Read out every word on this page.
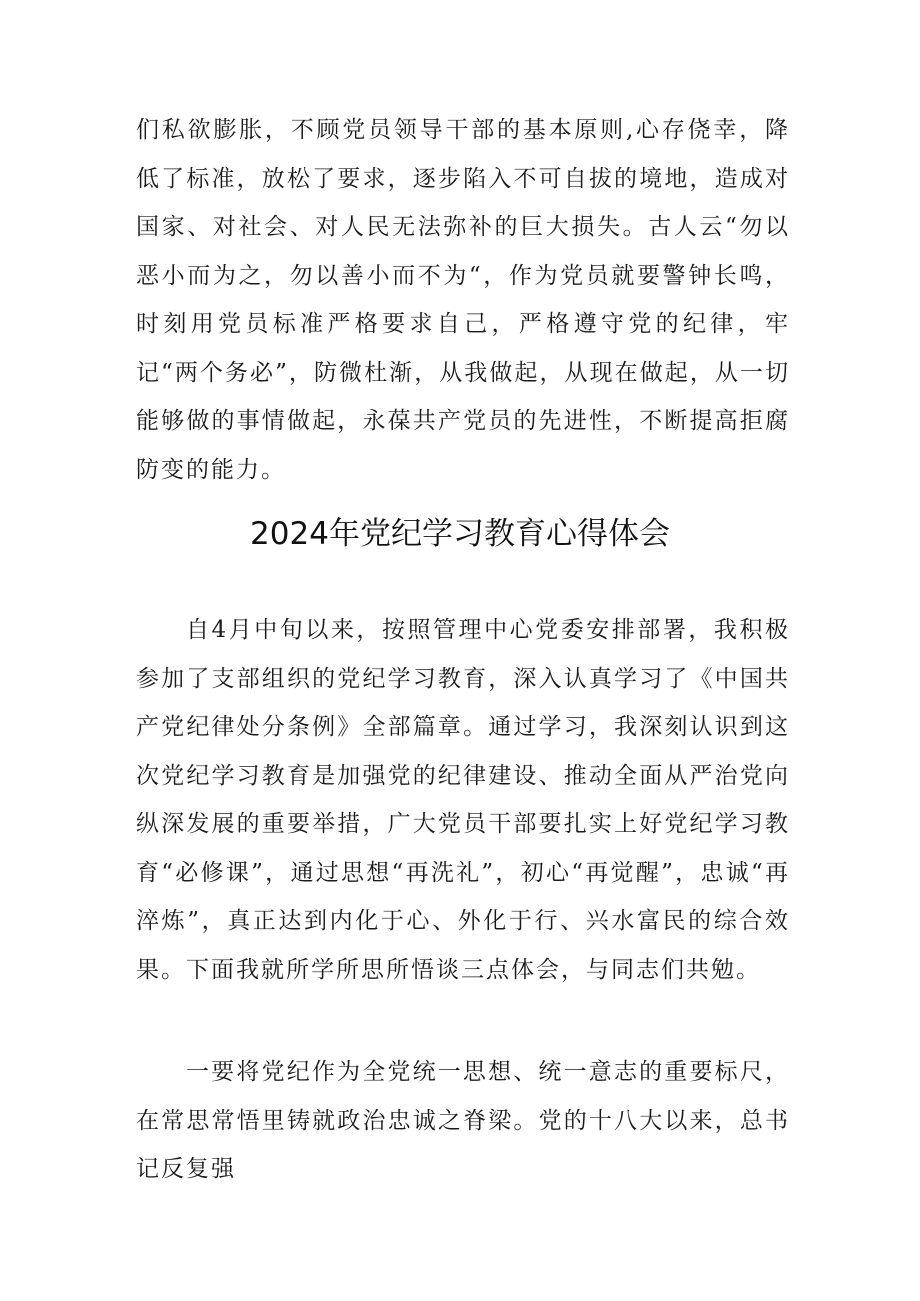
们私欲膨胀，不顾党员领导干部的基本原则,心存侥幸，降低了标准，放松了要求，逐步陷入不可自拔的境地，造成对国家、对社会、对人民无法弥补的巨大损失。古人云“勿以恶小而为之，勿以善小而不为“，作为党员就要警钟长鸣，时刻用党员标准严格要求自己，严格遵守党的纪律，牢记“两个务必”，防微杜渐，从我做起，从现在做起，从一切能够做的事情做起，永葆共产党员的先进性，不断提高拒腐防变的能力。

2024年党纪学习教育心得体会

自4月中旬以来，按照管理中心党委安排部署，我积极参加了支部组织的党纪学习教育，深入认真学习了《中国共产党纪律处分条例》全部篇章。通过学习，我深刻认识到这次党纪学习教育是加强党的纪律建设、推动全面从严治党向纵深发展的重要举措，广大党员干部要扎实上好党纪学习教育“必修课”，通过思想“再洗礼”，初心“再觉醒”，忠诚“再淬炼”，真正达到内化于心、外化于行、兴水富民的综合效果。下面我就所学所思所悟谈三点体会，与同志们共勉。

一要将党纪作为全党统一思想、统一意志的重要标尺，在常思常悟里铸就政治忠诚之脊梁。党的十八大以来，总书记反复强
